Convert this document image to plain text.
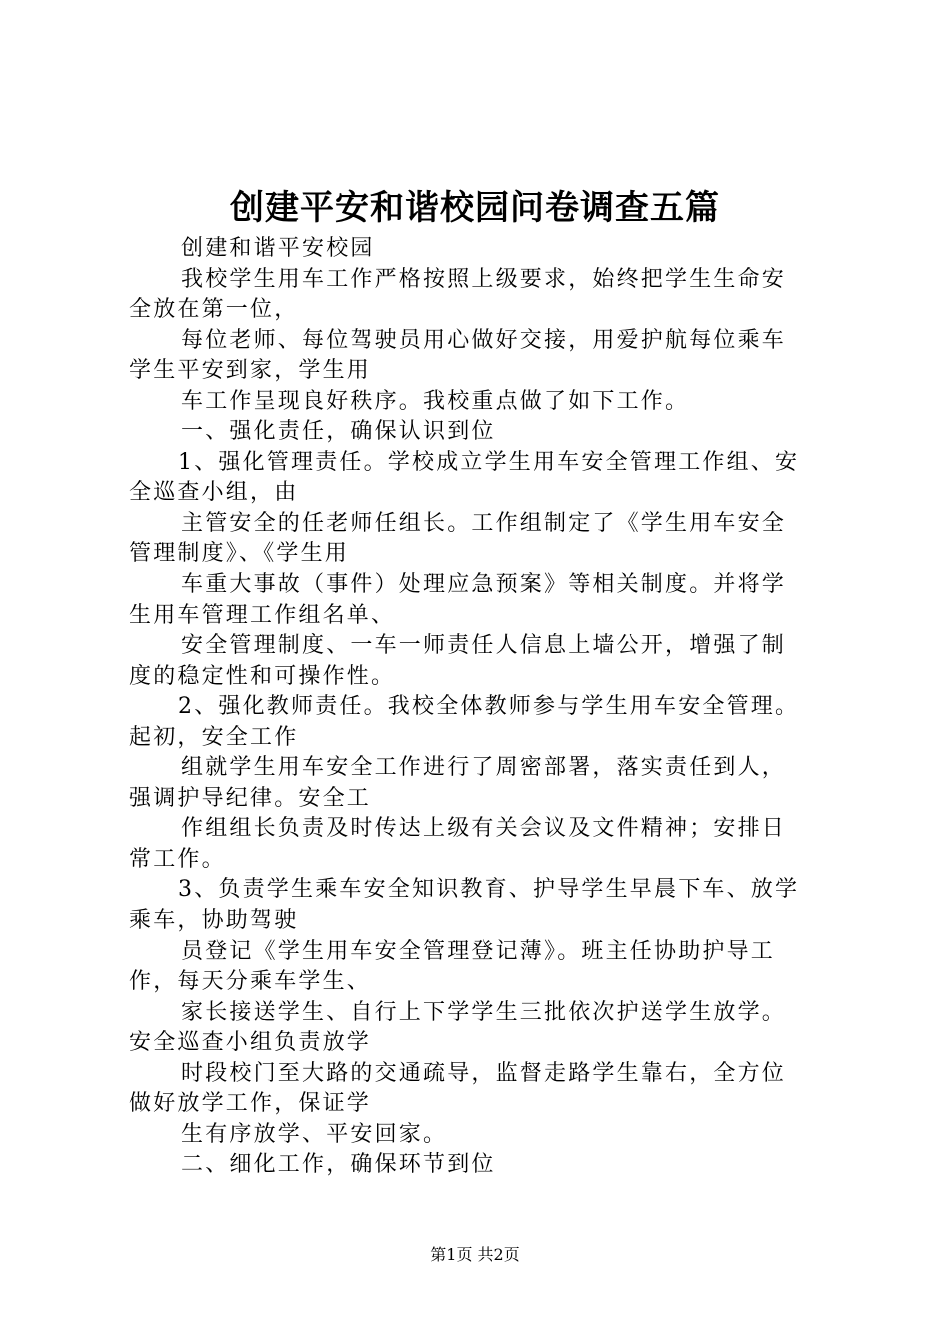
创建平安和谐校园问卷调查五篇
创建和谐平安校园
我校学生用车工作严格按照上级要求，始终把学生生命安
全放在第一位，
每位老师、每位驾驶员用心做好交接，用爱护航每位乘车
学生平安到家，学生用
车工作呈现良好秩序。我校重点做了如下工作。
一、强化责任，确保认识到位
1、强化管理责任。学校成立学生用车安全管理工作组、安
全巡查小组，由
主管安全的任老师任组长。工作组制定了《学生用车安全
管理制度》、《学生用
车重大事故（事件）处理应急预案》等相关制度。并将学
生用车管理工作组名单、
安全管理制度、一车一师责任人信息上墙公开，增强了制
度的稳定性和可操作性。
2、强化教师责任。我校全体教师参与学生用车安全管理。
起初，安全工作
组就学生用车安全工作进行了周密部署，落实责任到人，
强调护导纪律。安全工
作组组长负责及时传达上级有关会议及文件精神；安排日
常工作。
3、负责学生乘车安全知识教育、护导学生早晨下车、放学
乘车，协助驾驶
员登记《学生用车安全管理登记薄》。班主任协助护导工
作，每天分乘车学生、
家长接送学生、自行上下学学生三批依次护送学生放学。
安全巡查小组负责放学
时段校门至大路的交通疏导，监督走路学生靠右，全方位
做好放学工作，保证学
生有序放学、平安回家。
二、细化工作，确保环节到位
第1页 共2页
